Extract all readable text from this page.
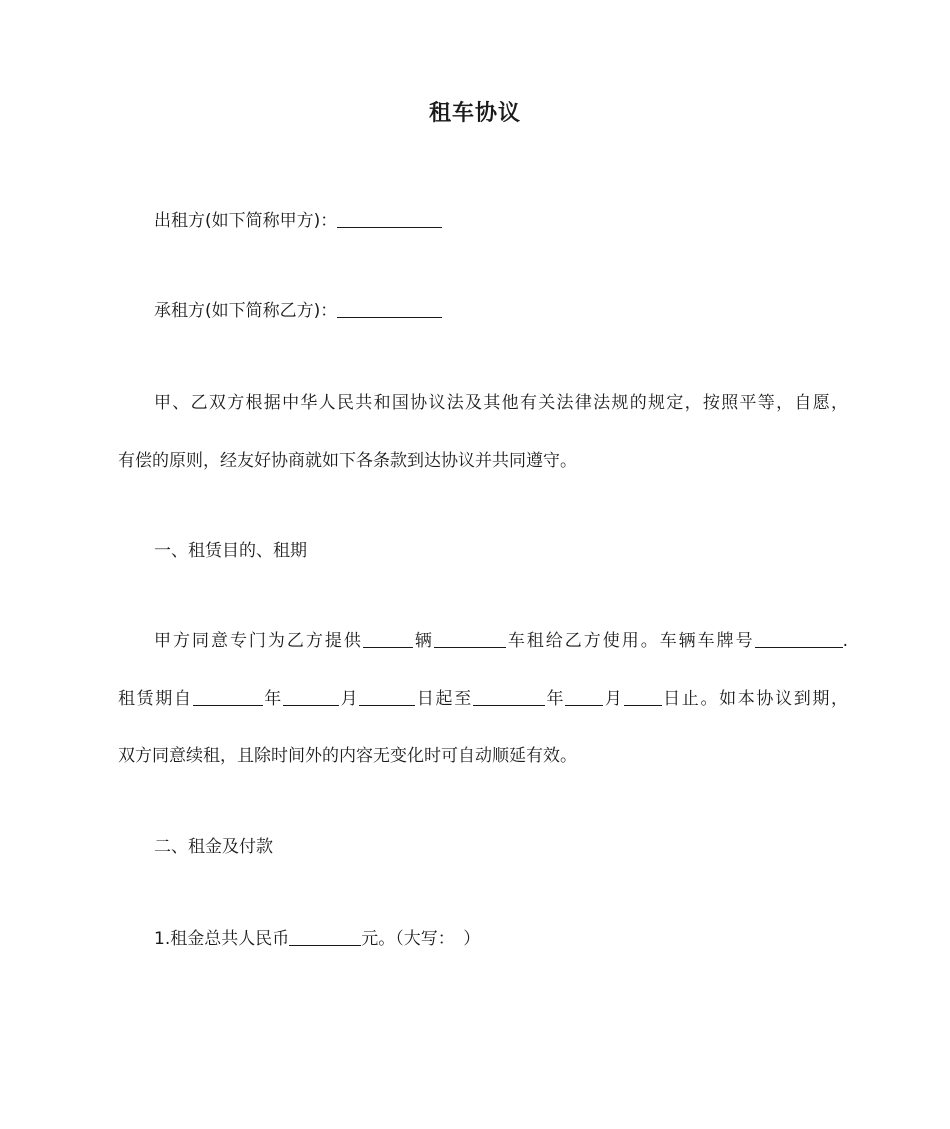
租车协议

出租方(如下简称甲方)：

承租方(如下简称乙方)：

甲、乙双方根据中华人民共和国协议法及其他有关法律法规的规定，按照平等，自愿，

有偿的原则，经友好协商就如下各条款到达协议并共同遵守。

一、租赁目的、租期

甲方同意专门为乙方提供	辆	车租给乙方使用。车辆车牌号	.

租赁期自	年	月	日起至	年 月 日止。如本协议到期，

双方同意续租，且除时间外的内容无变化时可自动顺延有效。

二、租金及付款

1.租金总共人民币	元。（大写：　）
